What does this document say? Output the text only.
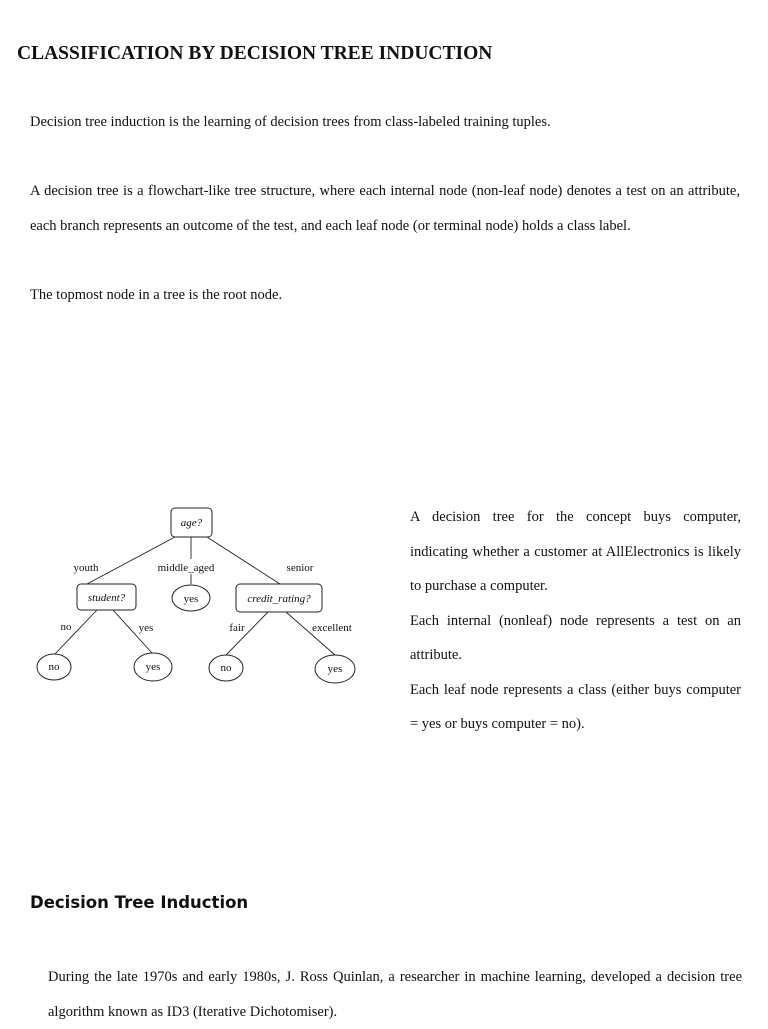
CLASSIFICATION BY DECISION TREE INDUCTION
Decision tree induction is the learning of decision trees from class-labeled training tuples.
A decision tree is a flowchart-like tree structure, where each internal node (non-leaf node) denotes a test on an attribute, each branch represents an outcome of the test, and each leaf node (or terminal node) holds a class label.
The topmost node in a tree is the root node.
age?
youth	middle_aged	senior
student?	yes	credit_rating?
no	yes	fair	excellent
no	yes	no	yes

A decision tree for the concept buys computer, indicating whether a customer at AllElectronics is likely to purchase a computer.

Each internal (nonleaf) node represents a test on an attribute.

Each leaf node represents a class (either buys computer = yes or buys computer = no).

Decision Tree Induction
During the late 1970s and early 1980s, J. Ross Quinlan, a researcher in machine learning, developed a decision tree algorithm known as ID3 (Iterative Dichotomiser).
